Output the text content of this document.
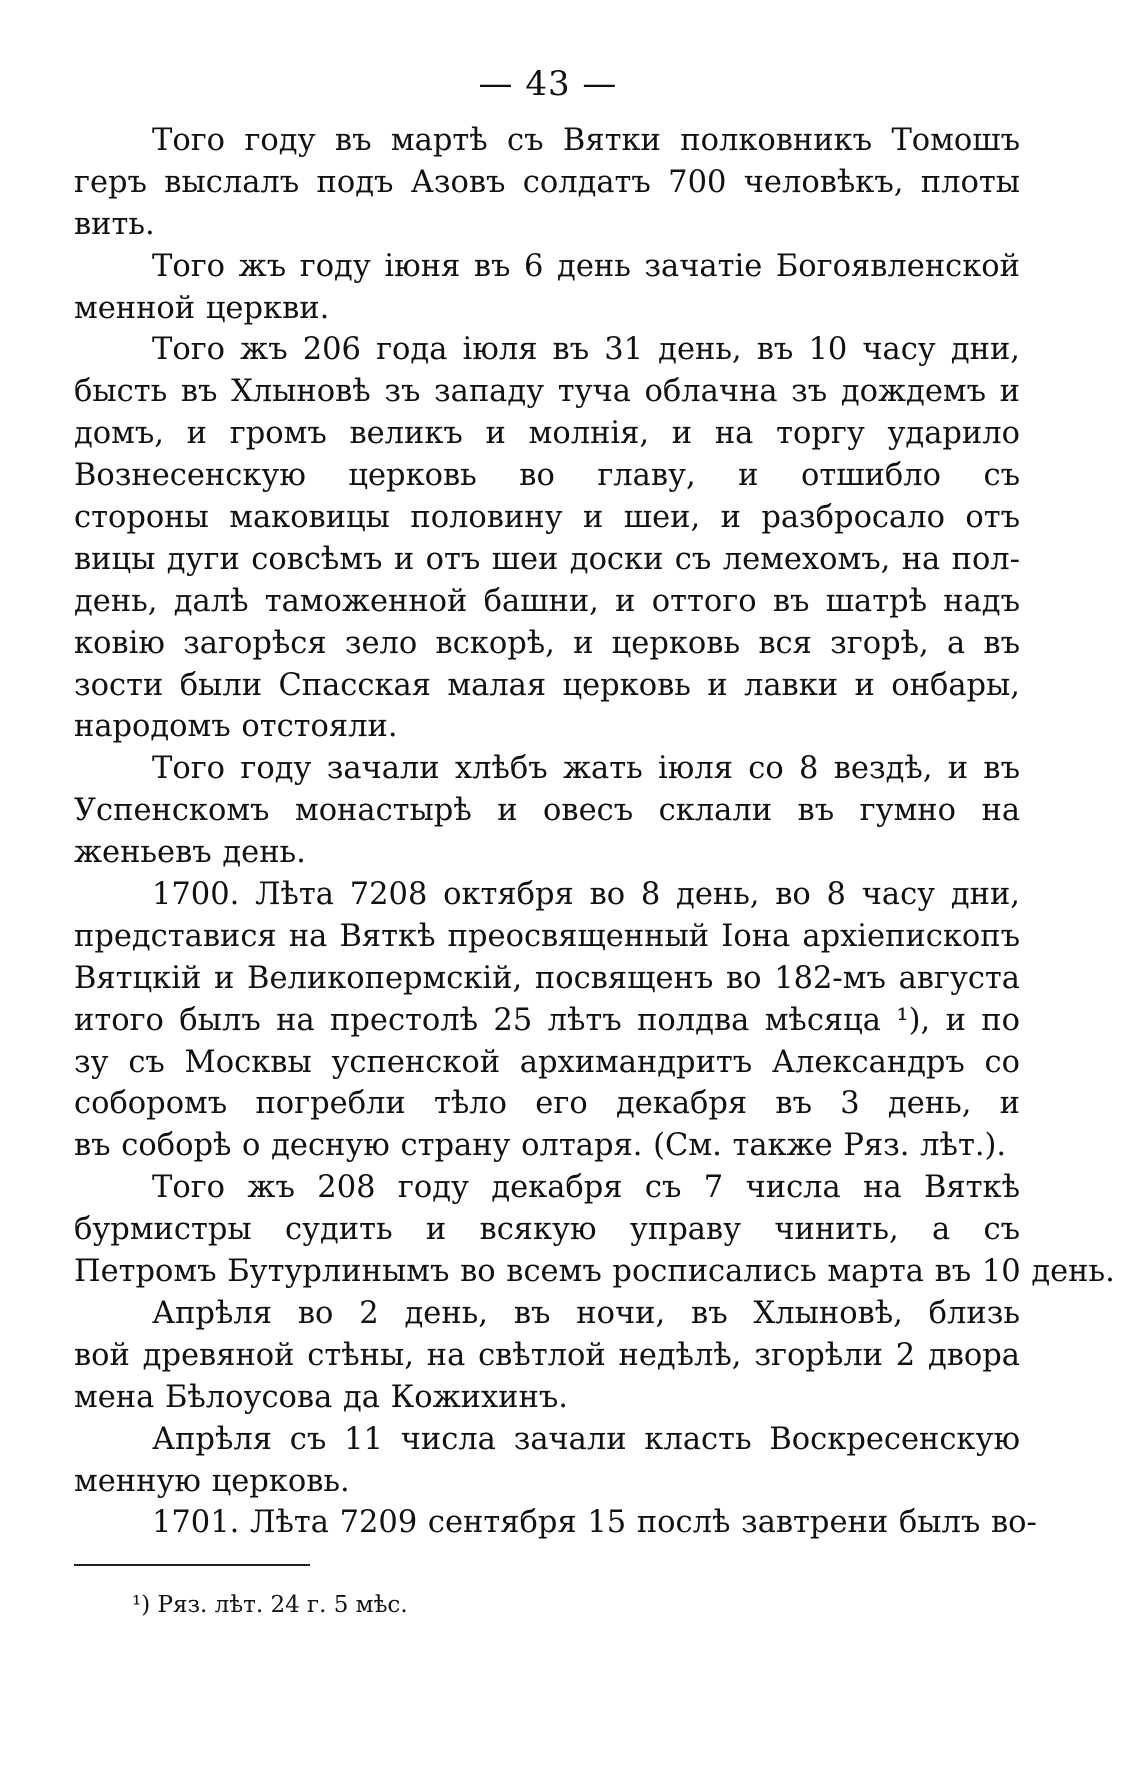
— 43 —
Того году въ мартѣ съ Вятки полковникъ Томошъ
геръ выслалъ подъ Азовъ солдатъ 700 человѣкъ, плоты
вить.
Того жъ году іюня въ 6 день зачатіе Богоявленской
менной церкви.
Того жъ 206 года іюля въ 31 день, въ 10 часу дни,
бысть въ Хлыновѣ зъ западу туча облачна зъ дождемъ и
домъ, и громъ великъ и молнія, и на торгу ударило
Вознесенскую церковь во главу, и отшибло съ
стороны маковицы половину и шеи, и разбросало отъ
вицы дуги совсѣмъ и отъ шеи доски съ лемехомъ, на пол-
день, далѣ таможенной башни, и оттого въ шатрѣ надъ
ковію загорѣся зело вскорѣ, и церковь вся згорѣ, а въ
зости были Спасская малая церковь и лавки и онбары,
народомъ отстояли.
Того году зачали хлѣбъ жать іюля со 8 вездѣ, и въ
Успенскомъ монастырѣ и овесъ склали въ гумно на
женьевъ день.
1700. Лѣта 7208 октября во 8 день, во 8 часу дни,
представися на Вяткѣ преосвященный Іона архіепископъ
Вятцкій и Великопермскій, посвященъ во 182-мъ августа
итого былъ на престолѣ 25 лѣтъ полдва мѣсяца ¹), и по
зу съ Москвы успенской архимандритъ Александръ со
соборомъ погребли тѣло его декабря въ 3 день, и
въ соборѣ о десную страну олтаря. (См. также Ряз. лѣт.).
Того жъ 208 году декабря съ 7 числа на Вяткѣ
бурмистры судить и всякую управу чинить, а съ
Петромъ Бутурлинымъ во всемъ росписались марта въ 10 день.
Апрѣля во 2 день, въ ночи, въ Хлыновѣ, близь
вой древяной стѣны, на свѣтлой недѣлѣ, згорѣли 2 двора
мена Бѣлоусова да Кожихинъ.
Апрѣля съ 11 числа зачали класть Воскресенскую
менную церковь.
1701. Лѣта 7209 сентября 15 послѣ завтрени былъ во-
¹) Ряз. лѣт. 24 г. 5 мѣс.
